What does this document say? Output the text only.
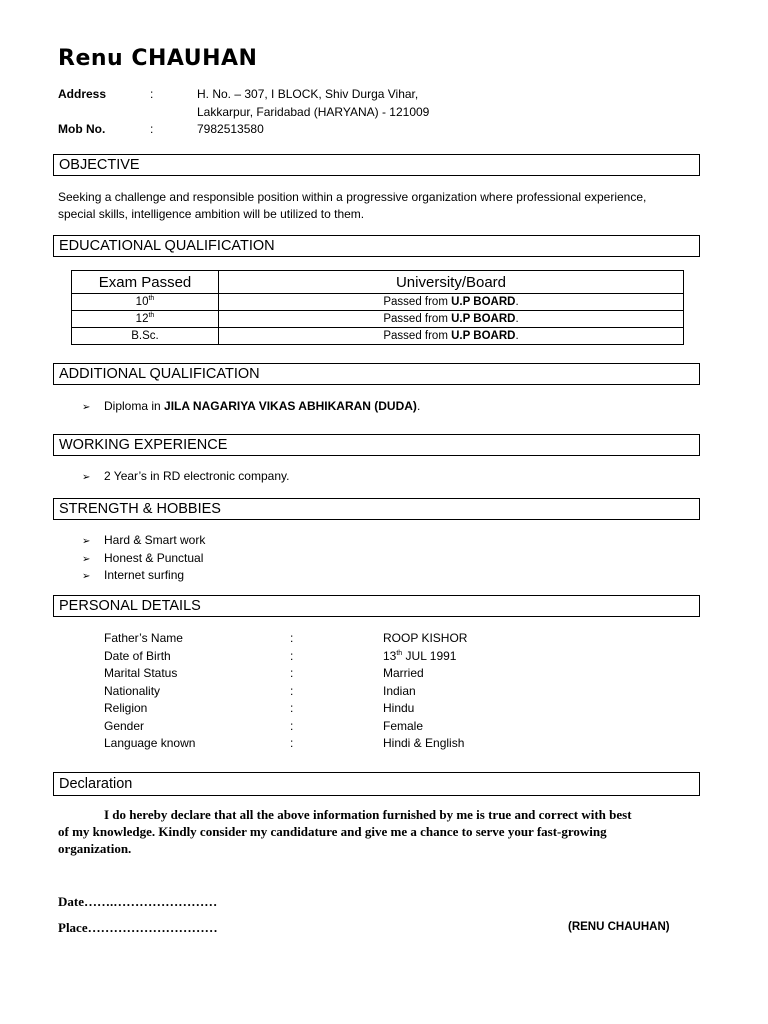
Renu CHAUHAN
Address	:	H. No. – 307, I BLOCK, Shiv Durga Vihar,
Lakkarpur, Faridabad (HARYANA) - 121009
Mob No.	:	7982513580
OBJECTIVE
Seeking a challenge and responsible position within a progressive organization where professional experience,
special skills, intelligence ambition will be utilized to them.
EDUCATIONAL QUALIFICATION
Exam Passed	University/Board
10th	Passed from U.P BOARD.
12th	Passed from U.P BOARD.
B.Sc.	Passed from U.P BOARD.
ADDITIONAL QUALIFICATION
➢ Diploma in JILA NAGARIYA VIKAS ABHIKARAN (DUDA).
WORKING EXPERIENCE
➢ 2 Year’s in RD electronic company.
STRENGTH & HOBBIES
➢ Hard & Smart work
➢ Honest & Punctual
➢ Internet surfing
PERSONAL DETAILS
Father’s Name	:	ROOP KISHOR
Date of Birth	:	13th JUL 1991
Marital Status	:	Married
Nationality	:	Indian
Religion	:	Hindu
Gender	:	Female
Language known	:	Hindi & English
Declaration
I do hereby declare that all the above information furnished by me is true and correct with best
of my knowledge. Kindly consider my candidature and give me a chance to serve your fast-growing
organization.
Date…….……………………
Place…………………………	(RENU CHAUHAN)
